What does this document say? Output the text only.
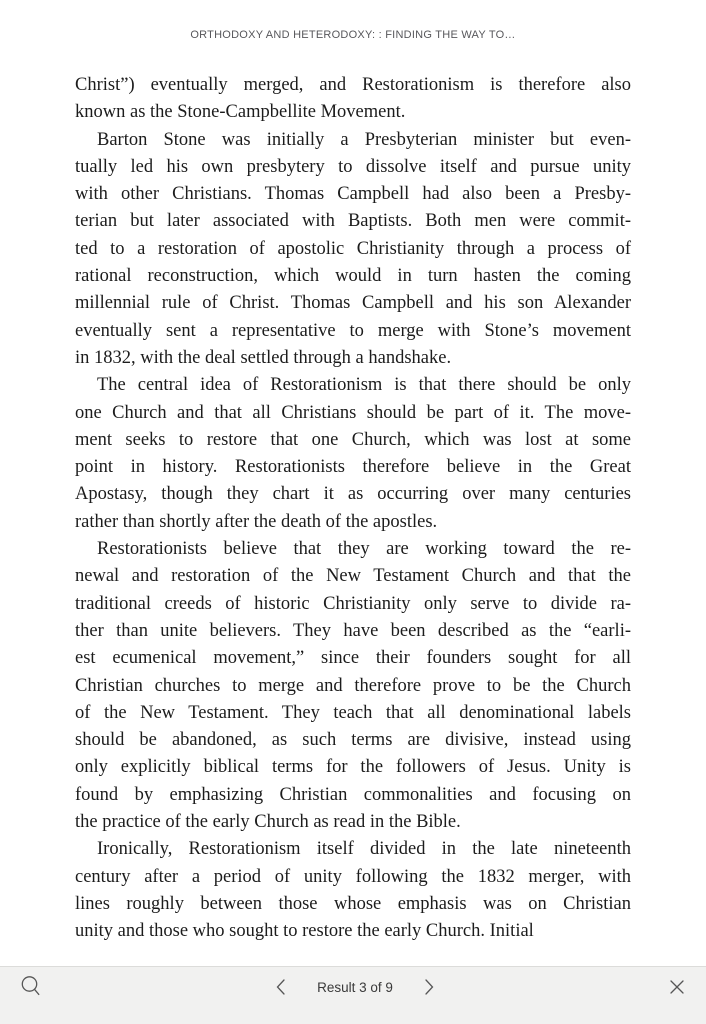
ORTHODOXY AND HETERODOXY: : FINDING THE WAY TO…
Christ”) eventually merged, and Restorationism is therefore also
known as the Stone-Campbellite Movement.
Barton Stone was initially a Presbyterian minister but even-
tually led his own presbytery to dissolve itself and pursue unity
with other Christians. Thomas Campbell had also been a Presby-
terian but later associated with Baptists. Both men were commit-
ted to a restoration of apostolic Christianity through a process of
rational reconstruction, which would in turn hasten the coming
millennial rule of Christ. Thomas Campbell and his son Alexander
eventually sent a representative to merge with Stone’s movement
in 1832, with the deal settled through a handshake.
The central idea of Restorationism is that there should be only
one Church and that all Christians should be part of it. The move-
ment seeks to restore that one Church, which was lost at some
point in history. Restorationists therefore believe in the Great
Apostasy, though they chart it as occurring over many centuries
rather than shortly after the death of the apostles.
Restorationists believe that they are working toward the re-
newal and restoration of the New Testament Church and that the
traditional creeds of historic Christianity only serve to divide ra-
ther than unite believers. They have been described as the “earli-
est ecumenical movement,” since their founders sought for all
Christian churches to merge and therefore prove to be the Church
of the New Testament. They teach that all denominational labels
should be abandoned, as such terms are divisive, instead using
only explicitly biblical terms for the followers of Jesus. Unity is
found by emphasizing Christian commonalities and focusing on
the practice of the early Church as read in the Bible.
Ironically, Restorationism itself divided in the late nineteenth
century after a period of unity following the 1832 merger, with
lines roughly between those whose emphasis was on Christian
unity and those who sought to restore the early Church. Initial
Result 3 of 9
